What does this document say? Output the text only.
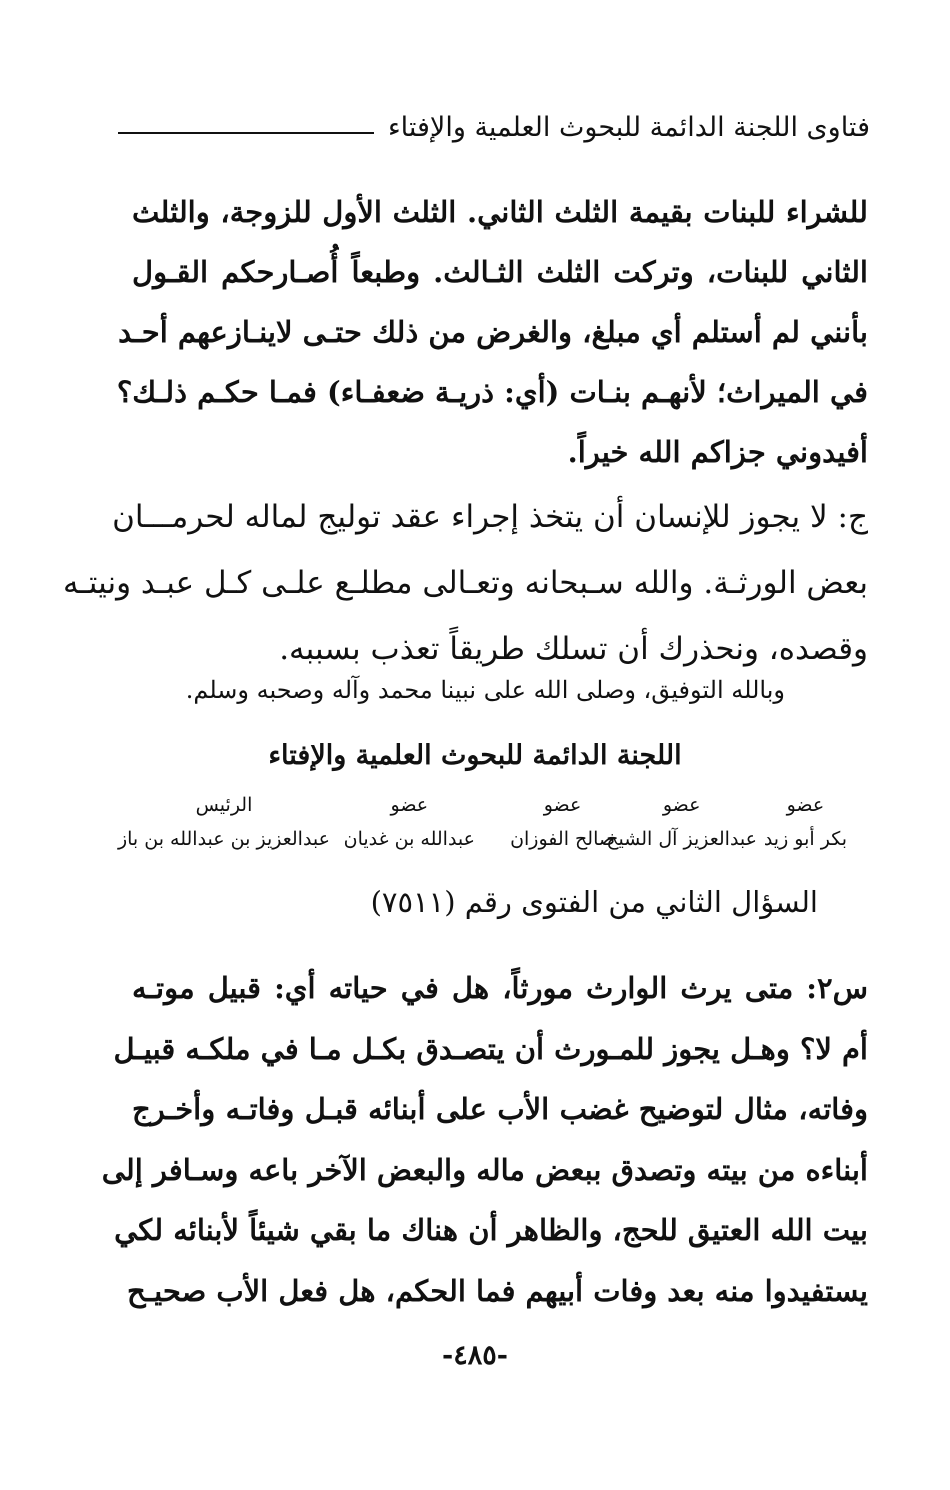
فتاوى اللجنة الدائمة للبحوث العلمية والإفتاء

للشراء للبنات بقيمة الثلث الثاني. الثلث الأول للزوجة، والثلث

الثاني للبنات، وتركت الثلث الثـالث. وطبعاً أُصـارحكم القـول

بأنني لم أستلم أي مبلغ، والغرض من ذلك حتـى لاينـازعهم أحـد

في الميراث؛ لأنهـم بنـات (أي: ذريـة ضعفـاء) فمـا حكـم ذلـك؟

أفيدوني جزاكم الله خيراً.

ج: لا يجوز للإنسان أن يتخذ إجراء عقد توليج لماله لحرمـــان

بعض الورثـة. والله سـبحانه وتعـالى مطلـع علـى كـل عبـد ونيتـه

وقصده، ونحذرك أن تسلك طريقاً تعذب بسببه.

وبالله التوفيق، وصلى الله على نبينا محمد وآله وصحبه وسلم.
اللجنة الدائمة للبحوث العلمية والإفتاء
عضو
بكر أبو زيد
عضو
عبدالعزيز آل الشيخ
عضو
صالح الفوزان
عضو
عبدالله بن غديان
الرئيس
عبدالعزيز بن عبدالله بن باز
السؤال الثاني من الفتوى رقم (٧٥١١)

س٢: متى يرث الوارث مورثاً، هل في حياته أي: قبيل موتـه

أم لا؟ وهـل يجوز للمـورث أن يتصـدق بكـل مـا في ملكـه قبيـل

وفاته، مثال لتوضيح غضب الأب على أبنائه قبـل وفاتـه وأخـرج

أبناءه من بيته وتصدق ببعض ماله والبعض الآخر باعه وسـافر إلى

بيت الله العتيق للحج، والظاهر أن هناك ما بقي شيئاً لأبنائه لكي

يستفيدوا منه بعد وفات أبيهم فما الحكم، هل فعل الأب صحيـح

-٤٨٥-
